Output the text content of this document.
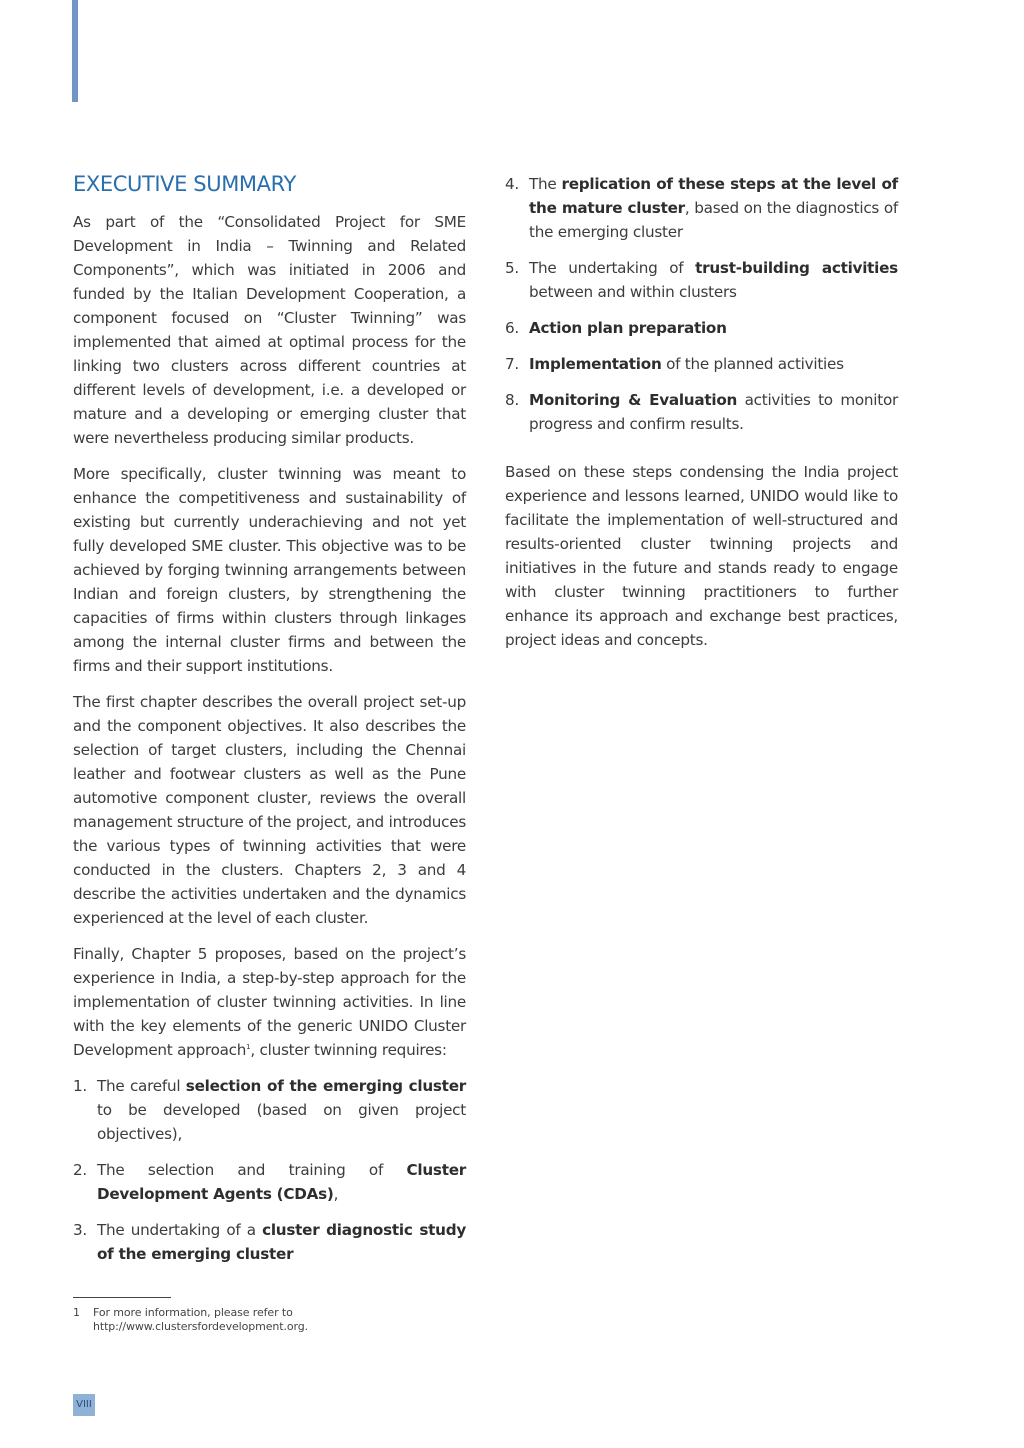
EXECUTIVE SUMMARY

As part of the “Consolidated Project for SME Development in India – Twinning and Related Components”, which was initiated in 2006 and funded by the Italian Development Cooperation, a component focused on “Cluster Twinning” was implemented that aimed at optimal process for the linking two clusters across different countries at different levels of development, i.e. a developed or mature and a developing or emerging cluster that were nevertheless producing similar products.

More specifically, cluster twinning was meant to enhance the competitiveness and sustainability of existing but currently underachieving and not yet fully developed SME cluster. This objective was to be achieved by forging twinning arrangements between Indian and foreign clusters, by strengthening the capacities of firms within clusters through linkages among the internal cluster firms and between the firms and their support institutions.

The first chapter describes the overall project set-up and the component objectives. It also describes the selection of target clusters, including the Chennai leather and footwear clusters as well as the Pune automotive component cluster, reviews the overall management structure of the project, and introduces the various types of twinning activities that were conducted in the clusters. Chapters 2, 3 and 4 describe the activities undertaken and the dynamics experienced at the level of each cluster.

Finally, Chapter 5 proposes, based on the project’s experience in India, a step-by-step approach for the implementation of cluster twinning activities. In line with the key elements of the generic UNIDO Cluster Development approach$^1$, cluster twinning requires:

1. The careful selection of the emerging cluster to be developed (based on given project objectives),
2. The selection and training of Cluster Development Agents (CDAs),
3. The undertaking of a cluster diagnostic study of the emerging cluster
4. The replication of these steps at the level of the mature cluster, based on the diagnostics of the emerging cluster
5. The undertaking of trust-building activities between and within clusters
6. Action plan preparation
7. Implementation of the planned activities
8. Monitoring & Evaluation activities to monitor progress and confirm results.

Based on these steps condensing the India project experience and lessons learned, UNIDO would like to facilitate the implementation of well-structured and results-oriented cluster twinning projects and initiatives in the future and stands ready to engage with cluster twinning practitioners to further enhance its approach and exchange best practices, project ideas and concepts.

1 For more information, please refer to
http://www.clustersfordevelopment.org.
VIII
